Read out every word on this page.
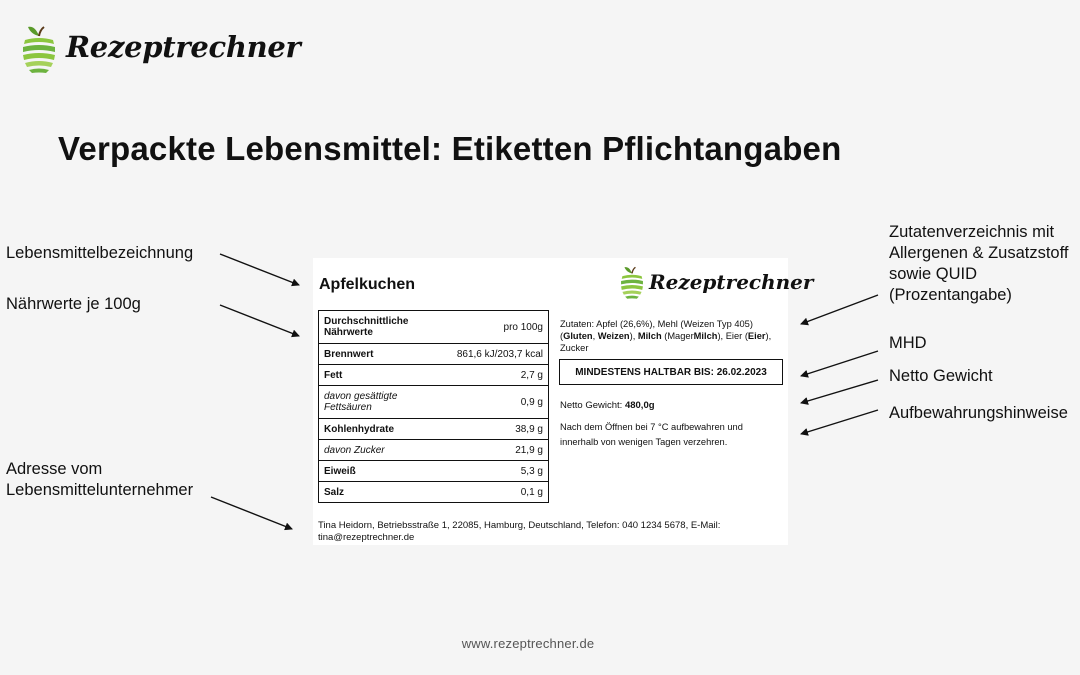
Rezeptrechner
Verpackte Lebensmittel: Etiketten Pflichtangaben
Lebensmittelbezeichnung
Nährwerte je 100g
Adresse vom
Lebensmittelunternehmer
Zutatenverzeichnis mit
Allergenen & Zusatzstoff
sowie QUID
(Prozentangabe)
MHD
Netto Gewicht
Aufbewahrungshinweise
Apfelkuchen	Rezeptrechner
Durchschnittliche
Nährwerte	pro 100g
Brennwert	861,6 kJ/203,7 kcal
Fett	2,7 g

davon gesättigte
Fettsäuren	0,9 g
Kohlenhydrate	38,9 g
davon Zucker	21,9 g
Eiweiß	5,3 g
Salz	0,1 g
Zutaten: Apfel (26,6%), Mehl (Weizen Typ 405) (Gluten, Weizen), Milch (MagerMilch), Eier (Eier), Zucker
MINDESTENS HALTBAR BIS:
26.02.2023
Netto Gewicht: 480,0g
Nach dem Öffnen bei 7 °C aufbewahren und innerhalb von wenigen Tagen verzehren.
Tina Heidorn, Betriebsstraße 1, 22085, Hamburg, Deutschland, Telefon: 040 1234 5678, E-Mail: tina@rezeptrechner.de
www.rezeptrechner.de
